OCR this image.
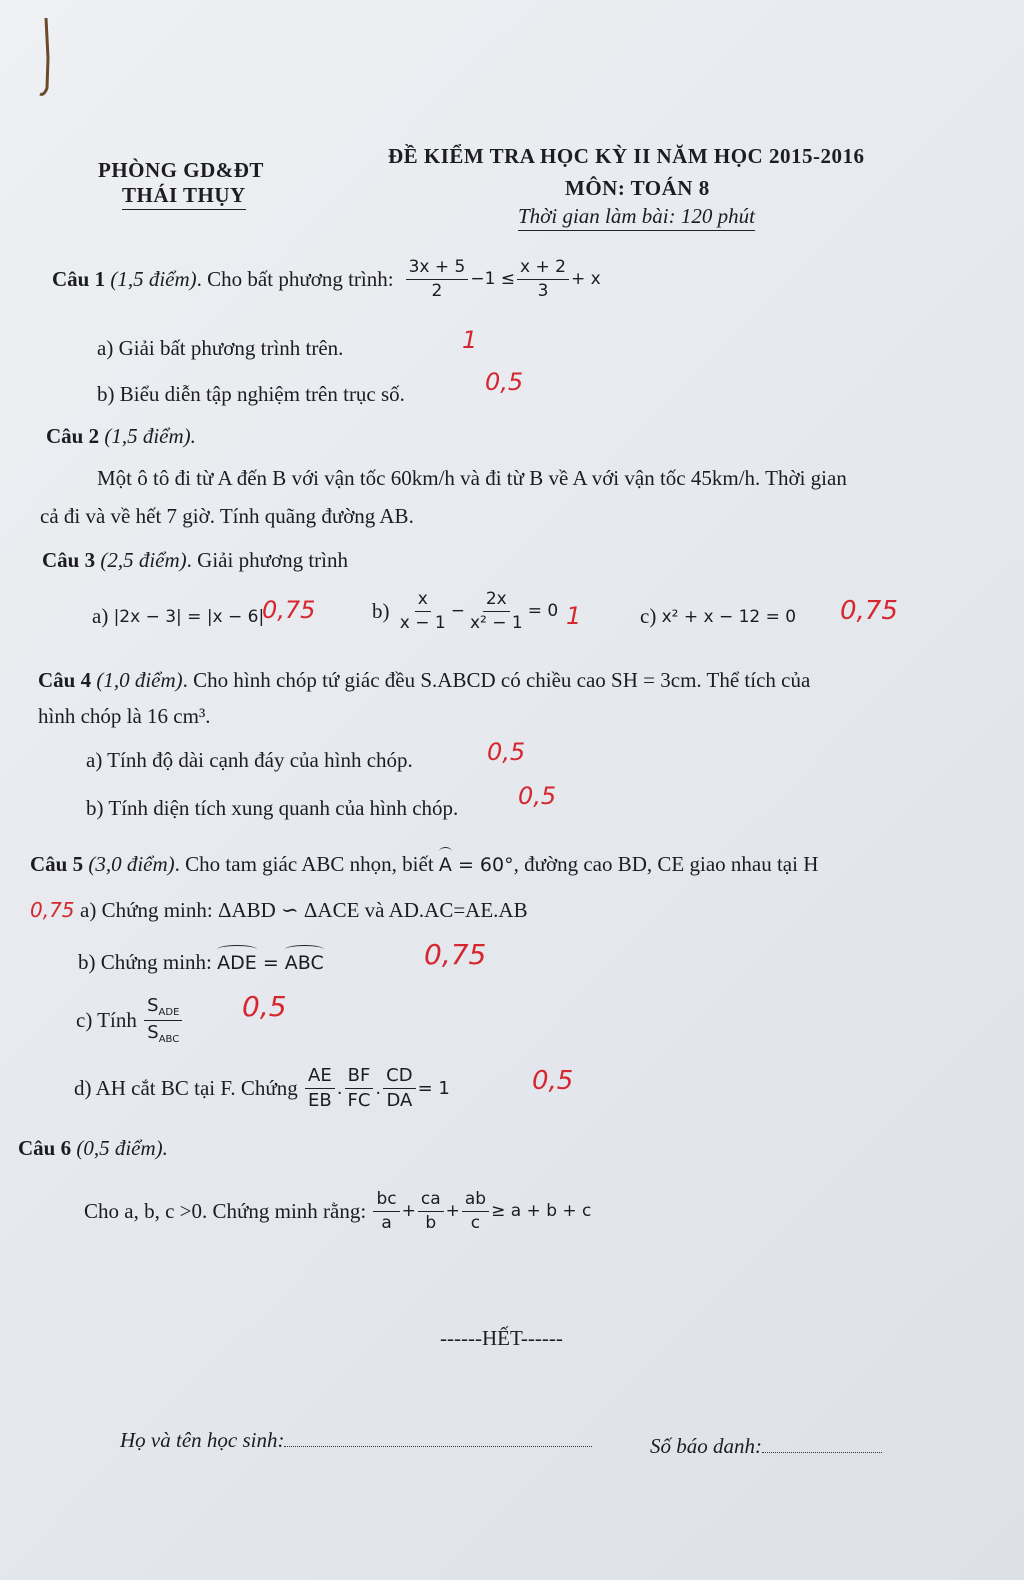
PHÒNG GD&ĐT
THÁI THỤY
ĐỀ KIỂM TRA HỌC KỲ II NĂM HỌC 2015-2016
MÔN: TOÁN 8
Thời gian làm bài: 120 phút
Câu 1
(1,5 điểm) . Cho bất phương trình: $\frac{3x + 5}{2} -1 \le \frac{x + 2}{3} + x$
a) Giải bất phương trình trên.	1
b) Biểu diễn tập nghiệm trên trục số.	0,5
Câu 2 (1,5 điểm).
Một ô tô đi từ A đến B với vận tốc 60km/h và đi từ B về A với vận tốc 45km/h. Thời gian
cả đi và về hết 7 giờ. Tính quãng đường AB.
Câu 3 (2,5 điểm). Giải phương trình
a)
|2x − 3| = |x − 6|
0,75	b)
$\frac{x}{x - 1} - \frac{2x}{\text{x² − 1}} = 0$ 1	c)
x² + x − 12 = 0 0,75
Câu 4 (1,0 điểm). Cho hình chóp tứ giác đều S.ABCD có chiều cao SH = 3cm. Thể tích của
hình chóp là 16 cm³.
a) Tính độ dài cạnh đáy của hình chóp.	0,5
b) Tính diện tích xung quanh của hình chóp. 0,5
Câu 5
(3,0 điểm) . Cho tam giác ABC nhọn, biết
A = 60° , đường cao BD, CE giao nhau tại H
0,75 a) Chứng minh:
ΔABD ∽ ΔACE và AD.AC=AE.AB
b) Chứng minh:
ADE = ABC	0,75
c) Tính
$\frac{S_{ADE}}{S_{ABC}} 0,5$
d) AH cắt BC tại F. Chứng
$\frac{AE}{EB}$ . $\frac{BF}{FC}$ . $\frac{CD}{DA} = 1$	0,5
Câu 6 (0,5 điểm).
Cho a, b, c >0. Chứng minh rằng:
$\frac{bc}{a} + \frac{ca}{b} + \frac{ab}{c} \ge a + b + c$
------HẾT------
Họ và tên học sinh:	Số báo danh:
